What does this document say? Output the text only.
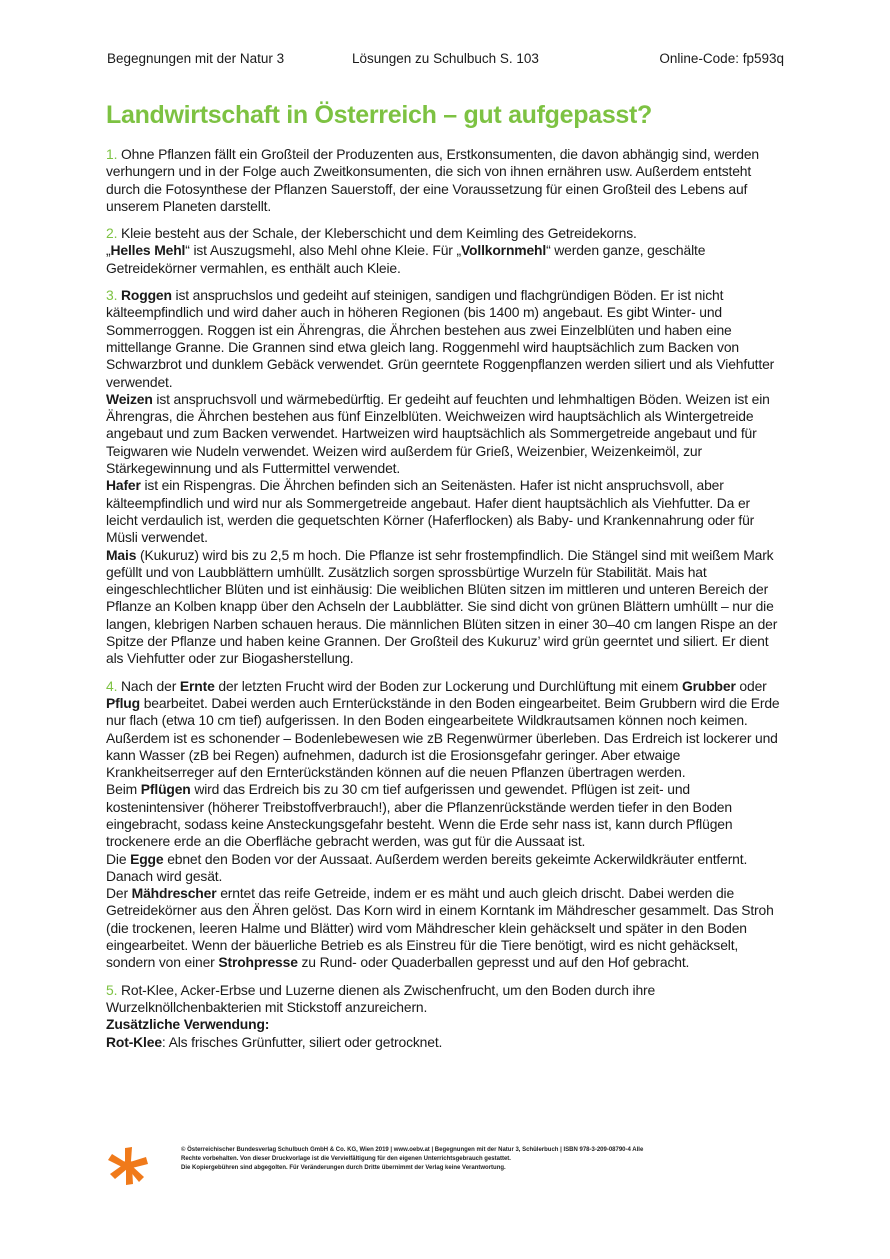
Begegnungen mit der Natur 3	Lösungen zu Schulbuch S. 103	Online-Code: fp593q
Landwirtschaft in Österreich – gut aufgepasst?

1. Ohne Pflanzen fällt ein Großteil der Produzenten aus, Erstkonsumenten, die davon abhängig sind, werden verhungern und in der Folge auch Zweitkonsumenten, die sich von ihnen ernähren usw. Außerdem entsteht durch die Fotosynthese der Pflanzen Sauerstoff, der eine Voraussetzung für einen Großteil des Lebens auf unserem Planeten darstellt.

2. Kleie besteht aus der Schale, der Kleberschicht und dem Keimling des Getreidekorns.
„Helles Mehl“ ist Auszugsmehl, also Mehl ohne Kleie. Für „Vollkornmehl“ werden ganze, geschälte Getreidekörner vermahlen, es enthält auch Kleie.

3. Roggen ist anspruchslos und gedeiht auf steinigen, sandigen und flachgründigen Böden. Er ist nicht kälteempfindlich und wird daher auch in höheren Regionen (bis 1400 m) angebaut. Es gibt Winter- und Sommerroggen. Roggen ist ein Ährengras, die Ährchen bestehen aus zwei Einzelblüten und haben eine mittellange Granne. Die Grannen sind etwa gleich lang. Roggenmehl wird hauptsächlich zum Backen von Schwarzbrot und dunklem Gebäck verwendet. Grün geerntete Roggenpflanzen werden siliert und als Viehfutter verwendet.

Weizen ist anspruchsvoll und wärmebedürftig. Er gedeiht auf feuchten und lehmhaltigen Böden. Weizen ist ein Ährengras, die Ährchen bestehen aus fünf Einzelblüten. Weichweizen wird hauptsächlich als Wintergetreide angebaut und zum Backen verwendet. Hartweizen wird hauptsächlich als Sommergetreide angebaut und für Teigwaren wie Nudeln verwendet. Weizen wird außerdem für Grieß, Weizenbier, Weizenkeimöl, zur Stärkegewinnung und als Futtermittel verwendet.

Hafer ist ein Rispengras. Die Ährchen befinden sich an Seitenästen. Hafer ist nicht anspruchsvoll, aber kälteempfindlich und wird nur als Sommergetreide angebaut. Hafer dient hauptsächlich als Viehfutter. Da er leicht verdaulich ist, werden die gequetschten Körner (Haferflocken) als Baby- und Krankennahrung oder für Müsli verwendet.

Mais (Kukuruz) wird bis zu 2,5 m hoch. Die Pflanze ist sehr frostempfindlich. Die Stängel sind mit weißem Mark gefüllt und von Laubblättern umhüllt. Zusätzlich sorgen sprossbürtige Wurzeln für Stabilität. Mais hat eingeschlechtlicher Blüten und ist einhäusig: Die weiblichen Blüten sitzen im mittleren und unteren Bereich der Pflanze an Kolben knapp über den Achseln der Laubblätter. Sie sind dicht von grünen Blättern umhüllt – nur die langen, klebrigen Narben schauen heraus. Die männlichen Blüten sitzen in einer 30–40 cm langen Rispe an der Spitze der Pflanze und haben keine Grannen. Der Großteil des Kukuruz’ wird grün geerntet und siliert. Er dient als Viehfutter oder zur Biogasherstellung.

4. Nach der Ernte der letzten Frucht wird der Boden zur Lockerung und Durchlüftung mit einem Grubber oder Pflug bearbeitet. Dabei werden auch Ernterückstände in den Boden eingearbeitet. Beim Grubbern wird die Erde nur flach (etwa 10 cm tief) aufgerissen. In den Boden eingearbeitete Wildkrautsamen können noch keimen. Außerdem ist es schonender – Bodenlebewesen wie zB Regenwürmer überleben. Das Erdreich ist lockerer und kann Wasser (zB bei Regen) aufnehmen, dadurch ist die Erosionsgefahr geringer. Aber etwaige Krankheitserreger auf den Ernterückständen können auf die neuen Pflanzen übertragen werden.

Beim Pflügen wird das Erdreich bis zu 30 cm tief aufgerissen und gewendet. Pflügen ist zeit- und kostenintensiver (höherer Treibstoffverbrauch!), aber die Pflanzenrückstände werden tiefer in den Boden eingebracht, sodass keine Ansteckungsgefahr besteht. Wenn die Erde sehr nass ist, kann durch Pflügen trockenere erde an die Oberfläche gebracht werden, was gut für die Aussaat ist.

Die Egge ebnet den Boden vor der Aussaat. Außerdem werden bereits gekeimte Ackerwildkräuter entfernt. Danach wird gesät.

Der Mähdrescher erntet das reife Getreide, indem er es mäht und auch gleich drischt. Dabei werden die Getreidekörner aus den Ähren gelöst. Das Korn wird in einem Korntank im Mähdrescher gesammelt. Das Stroh (die trockenen, leeren Halme und Blätter) wird vom Mähdrescher klein gehäckselt und später in den Boden eingearbeitet. Wenn der bäuerliche Betrieb es als Einstreu für die Tiere benötigt, wird es nicht gehäckselt, sondern von einer Strohpresse zu Rund- oder Quaderballen gepresst und auf den Hof gebracht.

5. Rot-Klee, Acker-Erbse und Luzerne dienen als Zwischenfrucht, um den Boden durch ihre Wurzelknöllchenbakterien mit Stickstoff anzureichern.

Zusätzliche Verwendung:

Rot-Klee: Als frisches Grünfutter, siliert oder getrocknet.

© Österreichischer Bundesverlag Schulbuch GmbH & Co. KG, Wien 2019 | www.oebv.at | Begegnungen mit der Natur 3, Schülerbuch | ISBN 978-3-209-08790-4 Alle
Rechte vorbehalten. Von dieser Druckvorlage ist die Vervielfältigung für den eigenen Unterrichtsgebrauch gestattet.
Die Kopiergebühren sind abgegolten. Für Veränderungen durch Dritte übernimmt der Verlag keine Verantwortung.
